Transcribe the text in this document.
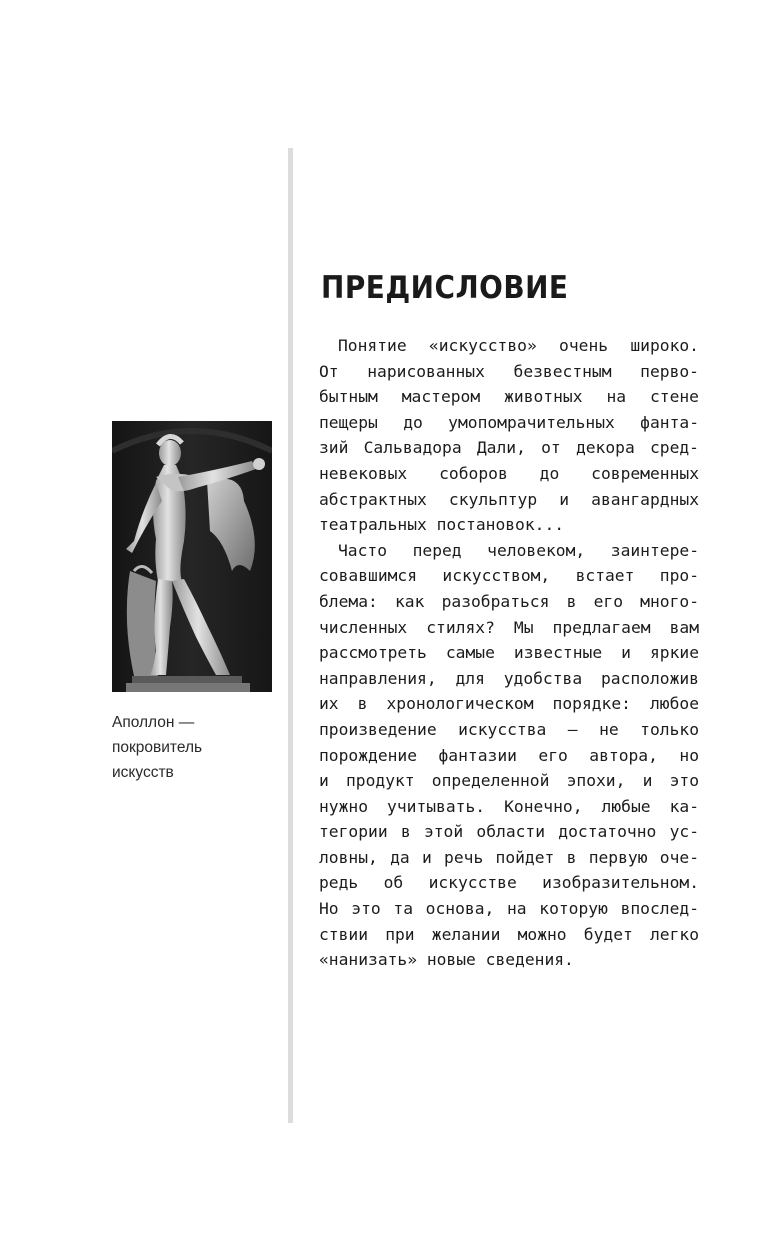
Аполлон —
покровитель
искусств
ПРЕДИСЛОВИЕ
Понятие «искусство» очень широко.
От нарисованных безвестным перво-
бытным мастером животных на стене
пещеры до умопомрачительных фанта-
зий Сальвадора Дали, от декора сред-
невековых соборов до современных
абстрактных скульптур и авангардных
театральных постановок...
Часто перед человеком, заинтере-
совавшимся искусством, встает про-
блема: как разобраться в его много-
численных стилях? Мы предлагаем вам
рассмотреть самые известные и яркие
направления, для удобства расположив
их в хронологическом порядке: любое
произведение искусства — не только
порождение фантазии его автора, но
и продукт определенной эпохи, и это
нужно учитывать. Конечно, любые ка-
тегории в этой области достаточно ус-
ловны, да и речь пойдет в первую оче-
редь об искусстве изобразительном.
Но это та основа, на которую впослед-
ствии при желании можно будет легко
«нанизать» новые сведения.
